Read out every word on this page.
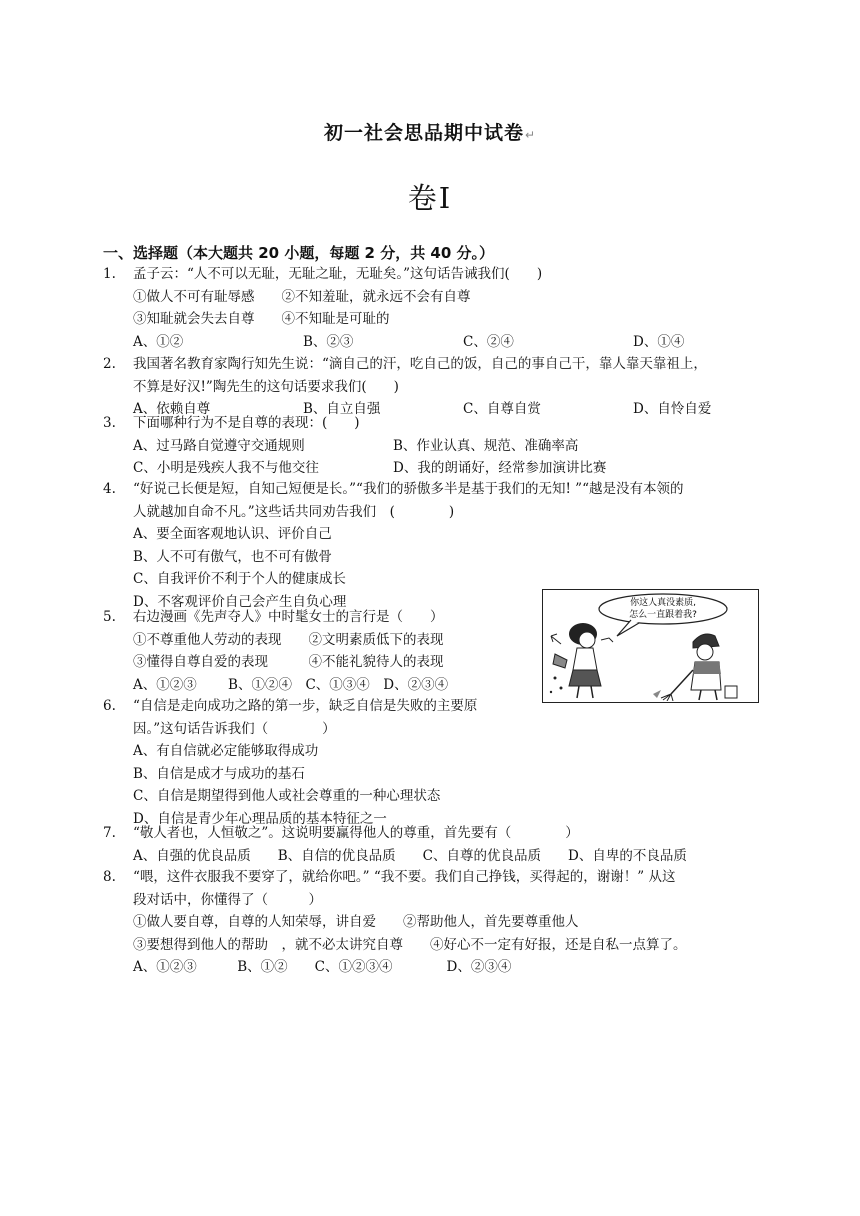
初一社会思品期中试卷↵
卷Ⅰ
一、选择题（本大题共 20 小题，每题 2 分，共 40 分。）
1. 孟子云：“人不可以无耻，无耻之耻，无耻矣。”这句话告诫我们(　　)
①做人不可有耻辱感　　②不知羞耻，就永远不会有自尊
③知耻就会失去自尊　　④不知耻是可耻的
A、①②	B、②③	C、②④	D、①④
2. 我国著名教育家陶行知先生说：“滴自己的汗，吃自己的饭，自己的事自己干，靠人靠天靠祖上，
不算是好汉!”陶先生的这句话要求我们(　　)
A、依赖自尊	B、自立自强	C、自尊自赏	D、自怜自爱
3. 下面哪种行为不是自尊的表现：(　　)
A、过马路自觉遵守交通规则	B、作业认真、规范、准确率高
C、小明是残疾人我不与他交往	D、我的朗诵好，经常参加演讲比赛
4. “好说己长便是短，自知己短便是长。”“我们的骄傲多半是基于我们的无知! ”“越是没有本领的
人就越加自命不凡。”这些话共同劝告我们　(　　　　)
A、要全面客观地认识、评价自己
B、人不可有傲气，也不可有傲骨
C、自我评价不利于个人的健康成长
D、不客观评价自己会产生自负心理
5. 右边漫画《先声夺人》中时髦女士的言行是（　　）
①不尊重他人劳动的表现　　②文明素质低下的表现
③懂得自尊自爱的表现　　　④不能礼貌待人的表现
A、①②③　　 B、①②④　C、①③④　D、②③④
你这人真没素质,
怎么一直跟着我?
6. “自信是走向成功之路的第一步，缺乏自信是失败的主要原
因。”这句话告诉我们（　　　　）
A、有自信就必定能够取得成功
B、自信是成才与成功的基石
C、自信是期望得到他人或社会尊重的一种心理状态
D、自信是青少年心理品质的基本特征之一
7. “敬人者也，人恒敬之”。这说明要赢得他人的尊重，首先要有（　　　　）
A、自强的优良品质　　B、自信的优良品质　　C、自尊的优良品质　　D、自卑的不良品质
8. “喂，这件衣服我不要穿了，就给你吧。” “我不要。我们自己挣钱，买得起的，谢谢！” 从这
段对话中，你懂得了（　　　）
①做人要自尊，自尊的人知荣辱，讲自爱　　②帮助他人，首先要尊重他人
③要想得到他人的帮助　，就不必太讲究自尊　　④好心不一定有好报，还是自私一点算了。
A、①②③　　　B、①②　　C、①②③④　　　　D、②③④
